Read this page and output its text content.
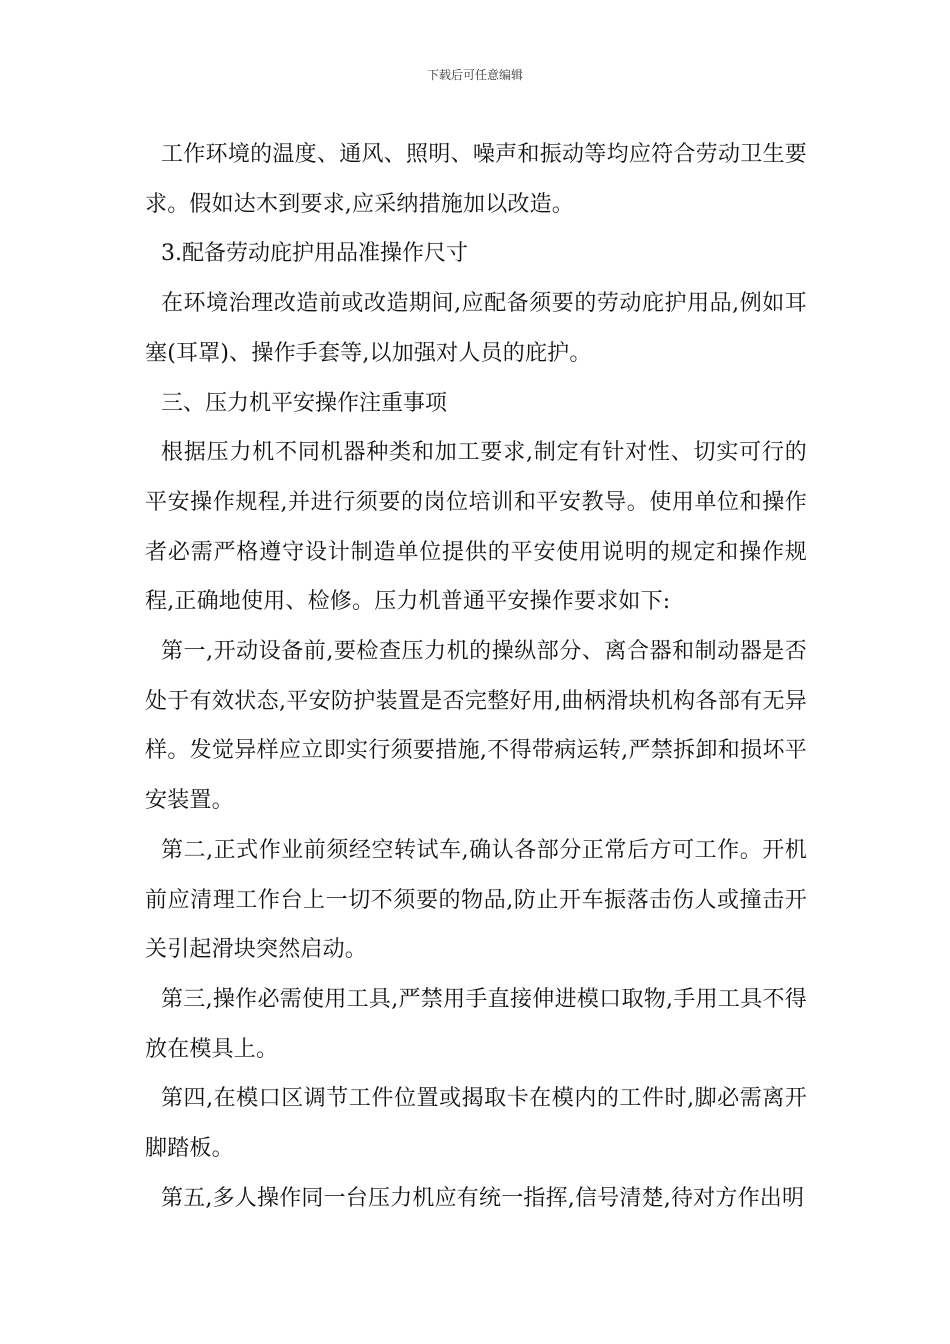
下载后可任意编辑

工作环境的温度、通风、照明、噪声和振动等均应符合劳动卫生要求。假如达木到要求,应采纳措施加以改造。

3.配备劳动庇护用品准操作尺寸

在环境治理改造前或改造期间,应配备须要的劳动庇护用品,例如耳塞(耳罩)、操作手套等,以加强对人员的庇护。

三、压力机平安操作注重事项

根据压力机不同机器种类和加工要求,制定有针对性、切实可行的平安操作规程,并进行须要的岗位培训和平安教导。使用单位和操作者必需严格遵守设计制造单位提供的平安使用说明的规定和操作规程,正确地使用、检修。压力机普通平安操作要求如下:

第一,开动设备前,要检查压力机的操纵部分、离合器和制动器是否处于有效状态,平安防护装置是否完整好用,曲柄滑块机构各部有无异样。发觉异样应立即实行须要措施,不得带病运转,严禁拆卸和损坏平安装置。

第二,正式作业前须经空转试车,确认各部分正常后方可工作。开机前应清理工作台上一切不须要的物品,防止开车振落击伤人或撞击开关引起滑块突然启动。

第三,操作必需使用工具,严禁用手直接伸进模口取物,手用工具不得放在模具上。

第四,在模口区调节工件位置或揭取卡在模内的工件时,脚必需离开脚踏板。

第五,多人操作同一台压力机应有统一指挥,信号清楚,待对方作出明
